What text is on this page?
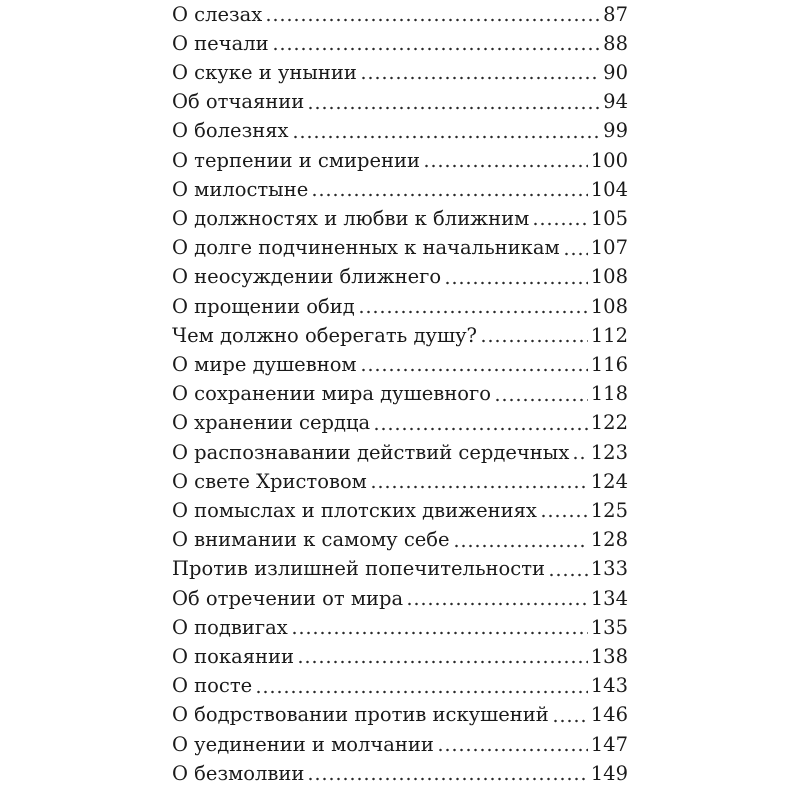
О слезах	87
О печали	88
О скуке и унынии	90
Об отчаянии	94
О болезнях	99
О терпении и смирении	100
О милостыне	104
О должностях и любви к ближним	105
О долге подчиненных к начальникам 107
О неосуждении ближнего	108
О прощении обид	108
Чем должно оберегать душу?	112
О мире душевном	116
О сохранении мира душевного	118
О хранении сердца	122
О распознавании действий сердечных 123
О свете Христовом	124
О помыслах и плотских движениях	125
О внимании к самому себе	128
Против излишней попечительности 133
Об отречении от мира	134
О подвигах	135
О покаянии	138
О посте	143
О бодрствовании против искушений 146
О уединении и молчании	147
О безмолвии	149
